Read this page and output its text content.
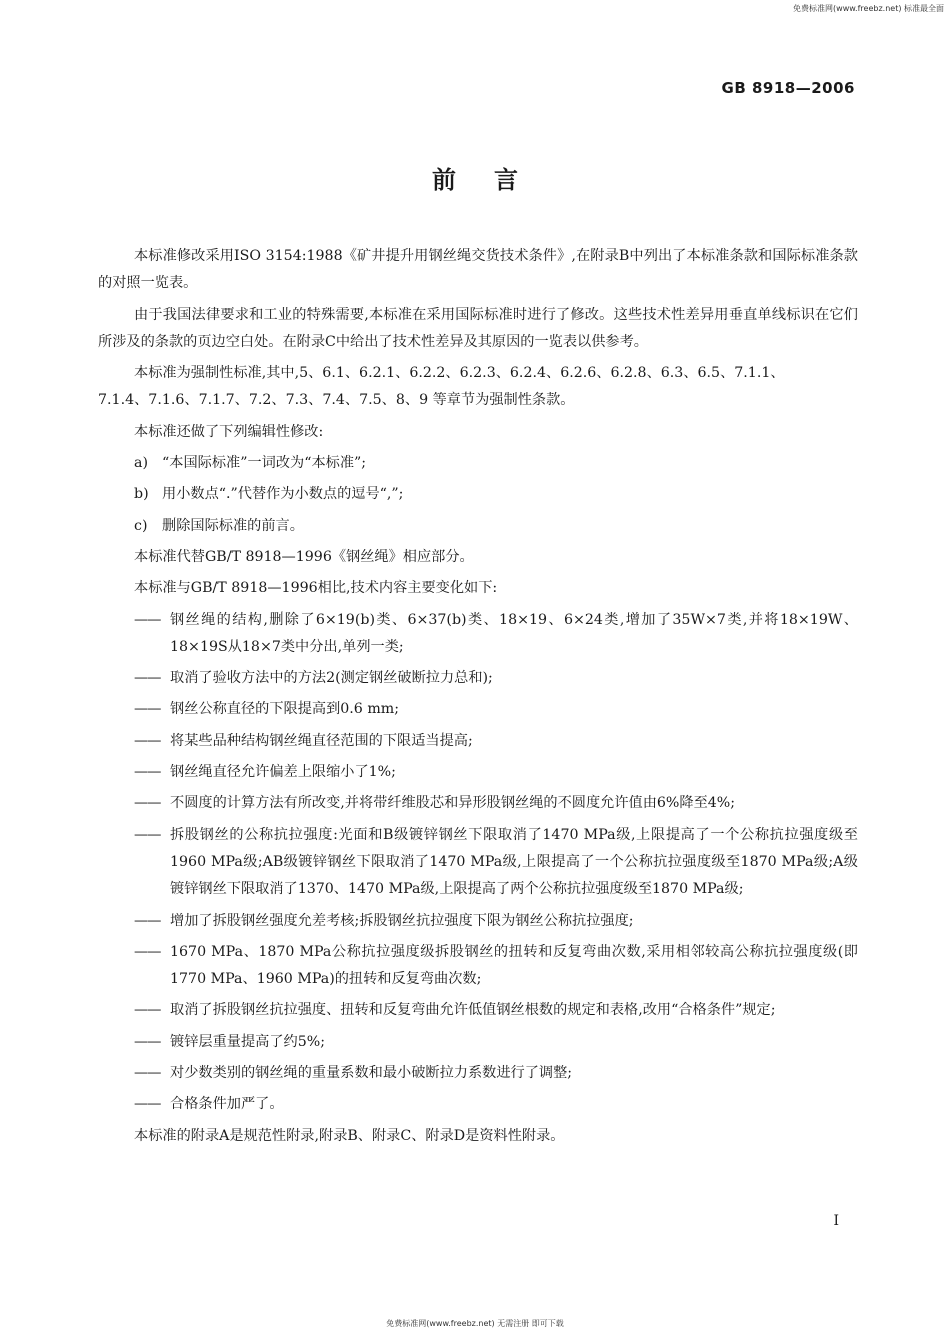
免费标准网(www.freebz.net) 标准最全面
GB 8918—2006
前言

本标准修改采用ISO 3154:1988《矿井提升用钢丝绳交货技术条件》,在附录B中列出了本标准条款和国际标准条款的对照一览表。

由于我国法律要求和工业的特殊需要,本标准在采用国际标准时进行了修改。这些技术性差异用垂直单线标识在它们所涉及的条款的页边空白处。在附录C中给出了技术性差异及其原因的一览表以供参考。

本标准为强制性标准,其中,5、6.1、6.2.1、6.2.2、6.2.3、6.2.4、6.2.6、6.2.8、6.3、6.5、7.1.1、

7.1.4、7.1.6、7.1.7、7.2、7.3、7.4、7.5、8、9 等章节为强制性条款。

本标准还做了下列编辑性修改:

a) “本国际标准”一词改为“本标准”;
b) 用小数点“.”代替作为小数点的逗号“,”;
c)	删除国际标准的前言。

本标准代替GB/T 8918—1996《钢丝绳》相应部分。

本标准与GB/T 8918—1996相比,技术内容主要变化如下:

—— 钢丝绳的结构,删除了6×19(b)类、6×37(b)类、18×19、6×24类,增加了35W×7类,并将18×19W、18×19S从18×7类中分出,单列一类;
—— 取消了验收方法中的方法2(测定钢丝破断拉力总和);
—— 钢丝公称直径的下限提高到0.6 mm;
—— 将某些品种结构钢丝绳直径范围的下限适当提高;
—— 钢丝绳直径允许偏差上限缩小了1%;
—— 不圆度的计算方法有所改变,并将带纤维股芯和异形股钢丝绳的不圆度允许值由6%降至4%;
—— 拆股钢丝的公称抗拉强度:光面和B级镀锌钢丝下限取消了1470 MPa级,上限提高了一个公称抗拉强度级至1960 MPa级;AB级镀锌钢丝下限取消了1470 MPa级,上限提高了一个公称抗拉强度级至1870 MPa级;A级镀锌钢丝下限取消了1370、1470 MPa级,上限提高了两个公称抗拉强度级至1870 MPa级;
—— 增加了拆股钢丝强度允差考核;拆股钢丝抗拉强度下限为钢丝公称抗拉强度;
—— 1670 MPa、1870 MPa公称抗拉强度级拆股钢丝的扭转和反复弯曲次数,采用相邻较高公称抗拉强度级(即1770 MPa、1960 MPa)的扭转和反复弯曲次数;
—— 取消了拆股钢丝抗拉强度、扭转和反复弯曲允许低值钢丝根数的规定和表格,改用“合格条件”规定;
—— 镀锌层重量提高了约5%;
—— 对少数类别的钢丝绳的重量系数和最小破断拉力系数进行了调整;
—— 合格条件加严了。

本标准的附录A是规范性附录,附录B、附录C、附录D是资料性附录。

I
免费标准网(www.freebz.net) 无需注册 即可下载
